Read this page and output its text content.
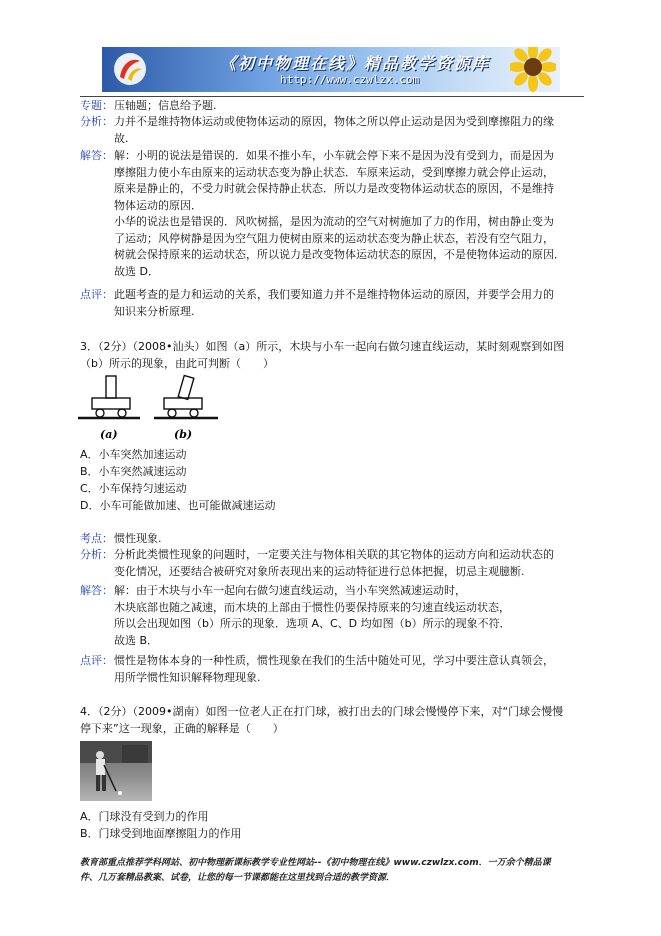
《初中物理在线》精品教学资源库
http://www.czwlzx.com
专题： 压轴题；信息给予题.
分析： 力并不是维持物体运动或使物体运动的原因，物体之所以停止运动是因为受到摩擦阻力的缘
故.
解答： 解：小明的说法是错误的．如果不推小车，小车就会停下来不是因为没有受到力，而是因为
摩擦阻力使小车由原来的运动状态变为静止状态．车原来运动，受到摩擦力就会停止运动，
原来是静止的，不受力时就会保持静止状态．所以力是改变物体运动状态的原因，不是维持
物体运动的原因．
小华的说法也是错误的．风吹树摇，是因为流动的空气对树施加了力的作用，树由静止变为
了运动；风停树静是因为空气阻力使树由原来的运动状态变为静止状态，若没有空气阻力，
树就会保持原来的运动状态，所以说力是改变物体运动状态的原因，不是使物体运动的原因．
故选 D．
点评： 此题考查的是力和运动的关系，我们要知道力并不是维持物体运动的原因，并要学会用力的
知识来分析原理.
3．（2分）（2008•汕头）如图（a）所示，木块与小车一起向右做匀速直线运动，某时刻观察到如图
（b）所示的现象，由此可判断（　　）
(a)	(b)
A．小车突然加速运动
B．小车突然减速运动
C．小车保持匀速运动
D．小车可能做加速、也可能做减速运动
考点： 惯性现象.
分析： 分析此类惯性现象的问题时，一定要关注与物体相关联的其它物体的运动方向和运动状态的
变化情况，还要结合被研究对象所表现出来的运动特征进行总体把握，切忌主观臆断.
解答： 解：由于木块与小车一起向右做匀速直线运动，当小车突然减速运动时，
木块底部也随之减速，而木块的上部由于惯性仍要保持原来的匀速直线运动状态，
所以会出现如图（b）所示的现象．选项 A、C、D 均如图（b）所示的现象不符．
故选 B．
点评： 惯性是物体本身的一种性质，惯性现象在我们的生活中随处可见，学习中要注意认真领会，
用所学惯性知识解释物理现象.
4．（2分）（2009•湖南）如图一位老人正在打门球，被打出去的门球会慢慢停下来，对“门球会慢慢
停下来”这一现象，正确的解释是（　　）
A．门球没有受到力的作用
B．门球受到地面摩擦阻力的作用
教育部重点推荐学科网站、初中物理新课标教学专业性网站--《初中物理在线》www.czwlzx.com．一万余个精品课
件、几万套精品教案、试卷，让您的每一节课都能在这里找到合适的教学资源．
